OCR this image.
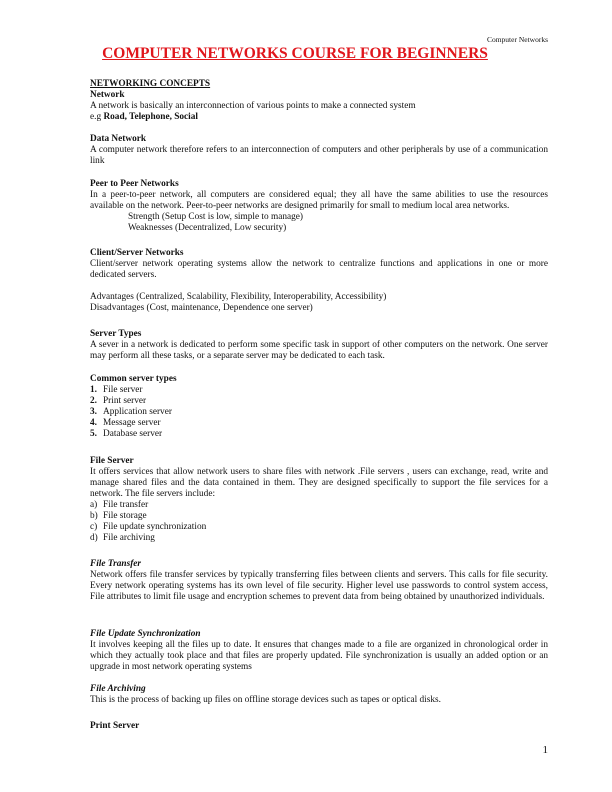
Computer Networks
COMPUTER NETWORKS COURSE FOR BEGINNERS
NETWORKING CONCEPTS
Network
A network is basically an interconnection of various points to make a connected system
e.g Road, Telephone, Social
Data Network
A computer network therefore refers to an interconnection of computers and other peripherals by use of a communication link
Peer to Peer Networks
In a peer-to-peer network, all computers are considered equal; they all have the same abilities to use the resources available on the network. Peer-to-peer networks are designed primarily for small to medium local area networks.
Strength (Setup Cost is low, simple to manage)
Weaknesses (Decentralized, Low security)
Client/Server Networks
Client/server network operating systems allow the network to centralize functions and applications in one or more dedicated servers.
Advantages (Centralized, Scalability, Flexibility, Interoperability, Accessibility)
Disadvantages (Cost, maintenance, Dependence one server)
Server Types
A sever in a network is dedicated to perform some specific task in support of other computers on the network. One server may perform all these tasks, or a separate server may be dedicated to each task.
Common server types
1. File server
2. Print server
3. Application server
4. Message server
5. Database server
File Server
It offers services that allow network users to share files with network .File servers , users can exchange, read, write and manage shared files and the data contained in them. They are designed specifically to support the file services for a network. The file servers include:
a) File transfer
b) File storage
c) File update synchronization
d) File archiving
File Transfer
Network offers file transfer services by typically transferring files between clients and servers. This calls for file security. Every network operating systems has its own level of file security. Higher level use passwords to control system access, File attributes to limit file usage and encryption schemes to prevent data from being obtained by unauthorized individuals.
File Update Synchronization
It involves keeping all the files up to date. It ensures that changes made to a file are organized in chronological order in which they actually took place and that files are properly updated. File synchronization is usually an added option or an upgrade in most network operating systems
File Archiving
This is the process of backing up files on offline storage devices such as tapes or optical disks.
Print Server
1
